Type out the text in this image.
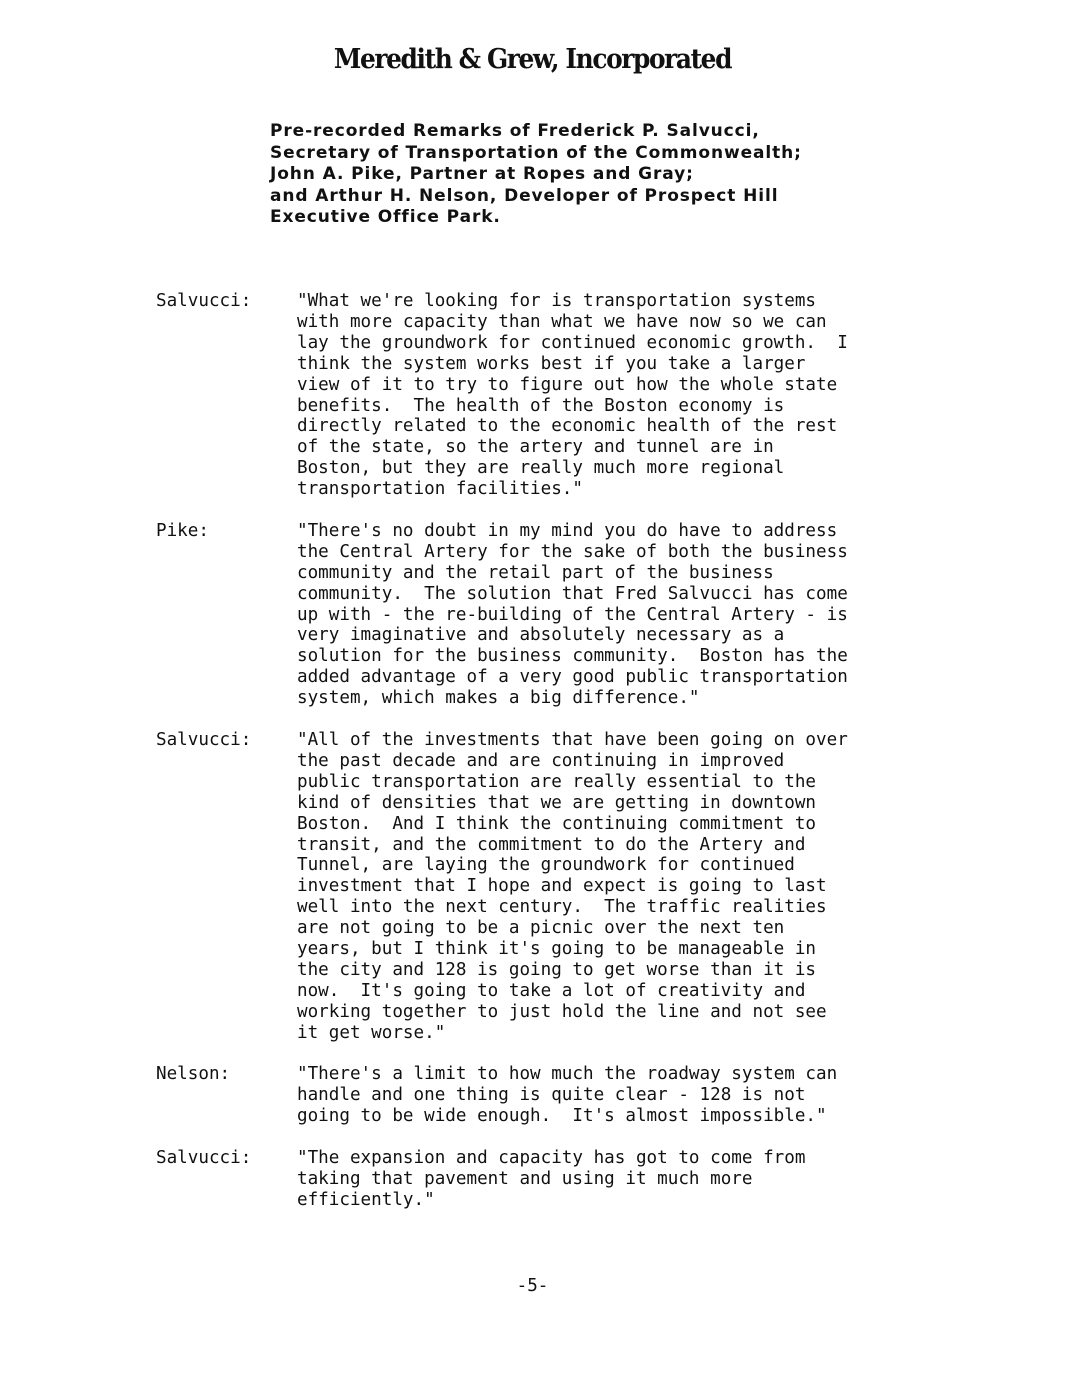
Meredith & Grew, Incorporated
Pre-recorded Remarks of Frederick P. Salvucci,
Secretary of Transportation of the Commonwealth;
John A. Pike, Partner at Ropes and Gray;
and Arthur H. Nelson, Developer of Prospect Hill
Executive Office Park.
Salvucci:	"What we're looking for is transportation systems
with more capacity than what we have now so we can
lay the groundwork for continued economic growth.  I
think the system works best if you take a larger
view of it to try to figure out how the whole state
benefits.  The health of the Boston economy is
directly related to the economic health of the rest
of the state, so the artery and tunnel are in
Boston, but they are really much more regional
transportation facilities."
Pike:	"There's no doubt in my mind you do have to address
the Central Artery for the sake of both the business
community and the retail part of the business
community.  The solution that Fred Salvucci has come
up with - the re-building of the Central Artery - is
very imaginative and absolutely necessary as a
solution for the business community.  Boston has the
added advantage of a very good public transportation
system, which makes a big difference."
Salvucci:	"All of the investments that have been going on over
the past decade and are continuing in improved
public transportation are really essential to the
kind of densities that we are getting in downtown
Boston.  And I think the continuing commitment to
transit, and the commitment to do the Artery and
Tunnel, are laying the groundwork for continued
investment that I hope and expect is going to last
well into the next century.  The traffic realities
are not going to be a picnic over the next ten
years, but I think it's going to be manageable in
the city and 128 is going to get worse than it is
now.  It's going to take a lot of creativity and
working together to just hold the line and not see
it get worse."
Nelson:	"There's a limit to how much the roadway system can
handle and one thing is quite clear - 128 is not
going to be wide enough.  It's almost impossible."
Salvucci:	"The expansion and capacity has got to come from
taking that pavement and using it much more
efficiently."
-5-
